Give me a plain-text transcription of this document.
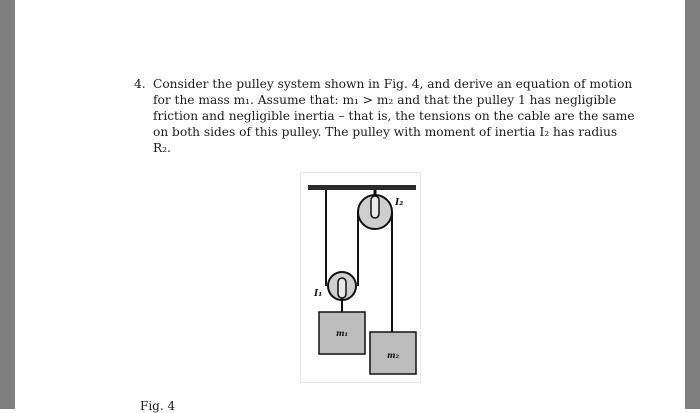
4. Consider the pulley system shown in Fig. 4, and derive an equation of motion
for the mass m₁. Assume that: m₁ > m₂ and that the pulley 1 has negligible
friction and negligible inertia – that is, the tensions on the cable are the same
on both sides of this pulley. The pulley with moment of inertia I₂ has radius
R₂.
I₂
I₁
m₁
m₂
Fig. 4
